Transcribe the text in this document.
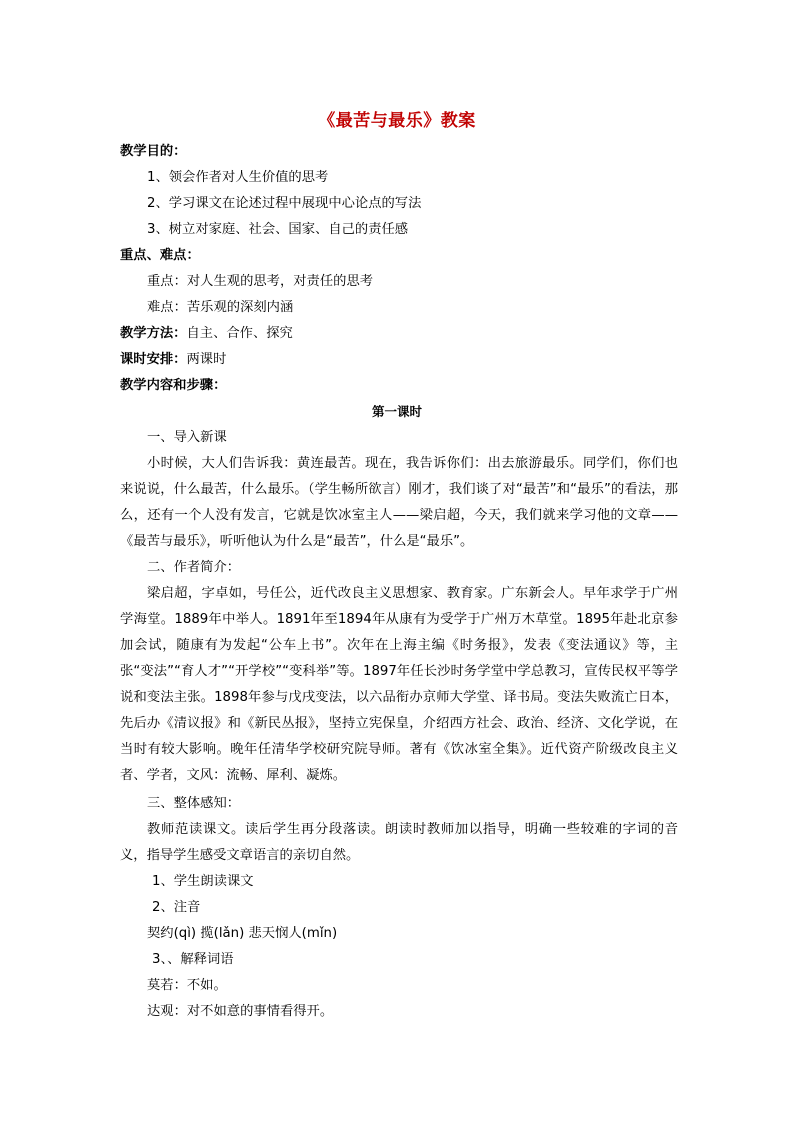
《最苦与最乐》教案
教学目的：
1、领会作者对人生价值的思考
2、学习课文在论述过程中展现中心论点的写法
3、树立对家庭、社会、国家、自己的责任感
重点、难点：
重点：对人生观的思考，对责任的思考
难点：苦乐观的深刻内涵
教学方法：自主、合作、探究
课时安排：两课时
教学内容和步骤：
第一课时
一、导入新课
小时候，大人们告诉我：黄连最苦。现在，我告诉你们：出去旅游最乐。同学们，你们也来说说，什么最苦，什么最乐。（学生畅所欲言）刚才，我们谈了对“最苦”和“最乐”的看法，那么，还有一个人没有发言，它就是饮冰室主人——梁启超，今天，我们就来学习他的文章——《最苦与最乐》，听听他认为什么是“最苦”，什么是“最乐”。
二、作者简介：
梁启超，字卓如，号任公，近代改良主义思想家、教育家。广东新会人。早年求学于广州学海堂。1889年中举人。1891年至1894年从康有为受学于广州万木草堂。1895年赴北京参加会试，随康有为发起“公车上书”。次年在上海主编《时务报》，发表《变法通议》等，主张“变法”“育人才”“开学校”“变科举”等。1897年任长沙时务学堂中学总教习，宣传民权平等学说和变法主张。1898年参与戊戌变法，以六品衔办京师大学堂、译书局。变法失败流亡日本，先后办《清议报》和《新民丛报》，坚持立宪保皇，介绍西方社会、政治、经济、文化学说，在当时有较大影响。晚年任清华学校研究院导师。著有《饮冰室全集》。近代资产阶级改良主义者、学者，文风：流畅、犀利、凝炼。
三、整体感知：
教师范读课文。读后学生再分段落读。朗读时教师加以指导，明确一些较难的字词的音义，指导学生感受文章语言的亲切自然。
1、学生朗读课文
2、注音
契约(qì) 揽(lǎn) 悲天悯人(mǐn)
3、、解释词语
莫若：不如。
达观：对不如意的事情看得开。
